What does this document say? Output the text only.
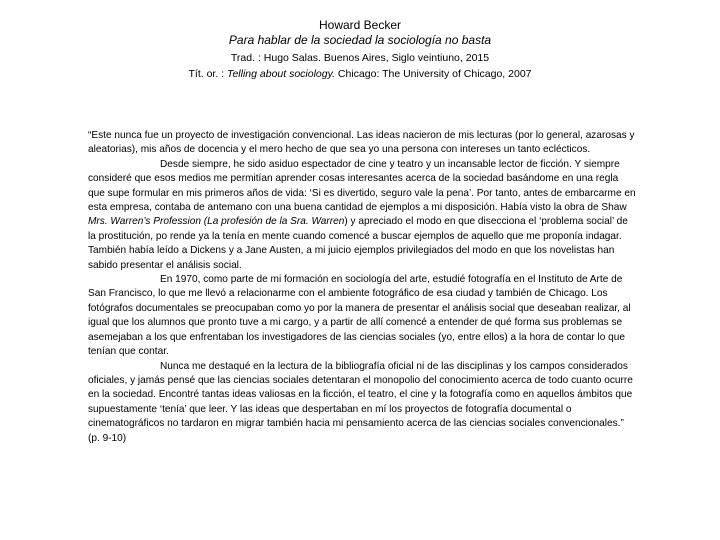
Howard Becker
Para hablar de la sociedad la sociología no basta
Trad. : Hugo Salas. Buenos Aires, Siglo veintiuno, 2015
Tít. or. : Telling about sociology. Chicago: The University of Chicago, 2007

“Este nunca fue un proyecto de investigación convencional. Las ideas nacieron de mis lecturas (por lo general, azarosas y aleatorias), mis años de docencia y el mero hecho de que sea yo una persona con intereses un tanto eclécticos.

Desde siempre, he sido asiduo espectador de cine y teatro y un incansable lector de ficción. Y siempre consideré que esos medios me permitían aprender cosas interesantes acerca de la sociedad basándome en una regla que supe formular en mis primeros años de vida: ‘Si es divertido, seguro vale la pena’. Por tanto, antes de embarcarme en esta empresa, contaba de antemano con una buena cantidad de ejemplos a mi disposición. Había visto la obra de Shaw Mrs. Warren’s Profession (La profesión de la Sra. Warren) y apreciado el modo en que disecciona el ‘problema social’ de la prostitución, po rende ya la tenía en mente cuando comencé a buscar ejemplos de aquello que me proponía indagar. También había leído a Dickens y a Jane Austen, a mi juicio ejemplos privilegiados del modo en que los novelistas han sabido presentar el análisis social.

En 1970, como parte de mi formación en sociología del arte, estudié fotografía en el Instituto de Arte de San Francisco, lo que me llevó a relacionarme con el ambiente fotográfico de esa ciudad y también de Chicago. Los fotógrafos documentales se preocupaban como yo por la manera de presentar el análisis social que deseaban realizar, al igual que los alumnos que pronto tuve a mi cargo, y a partir de allí comencé a entender de qué forma sus problemas se asemejaban a los que enfrentaban los investigadores de las ciencias sociales (yo, entre ellos) a la hora de contar lo que tenían que contar.

Nunca me destaqué en la lectura de la bibliografía oficial ni de las disciplinas y los campos considerados oficiales, y jamás pensé que las ciencias sociales detentaran el monopolio del conocimiento acerca de todo cuanto ocurre en la sociedad. Encontré tantas ideas valiosas en la ficción, el teatro, el cine y la fotografía como en aquellos ámbitos que supuestamente ‘tenía’ que leer. Y las ideas que despertaban en mí los proyectos de fotografía documental o cinematográficos no tardaron en migrar también hacia mi pensamiento acerca de las ciencias sociales convencionales.” (p. 9-10)
